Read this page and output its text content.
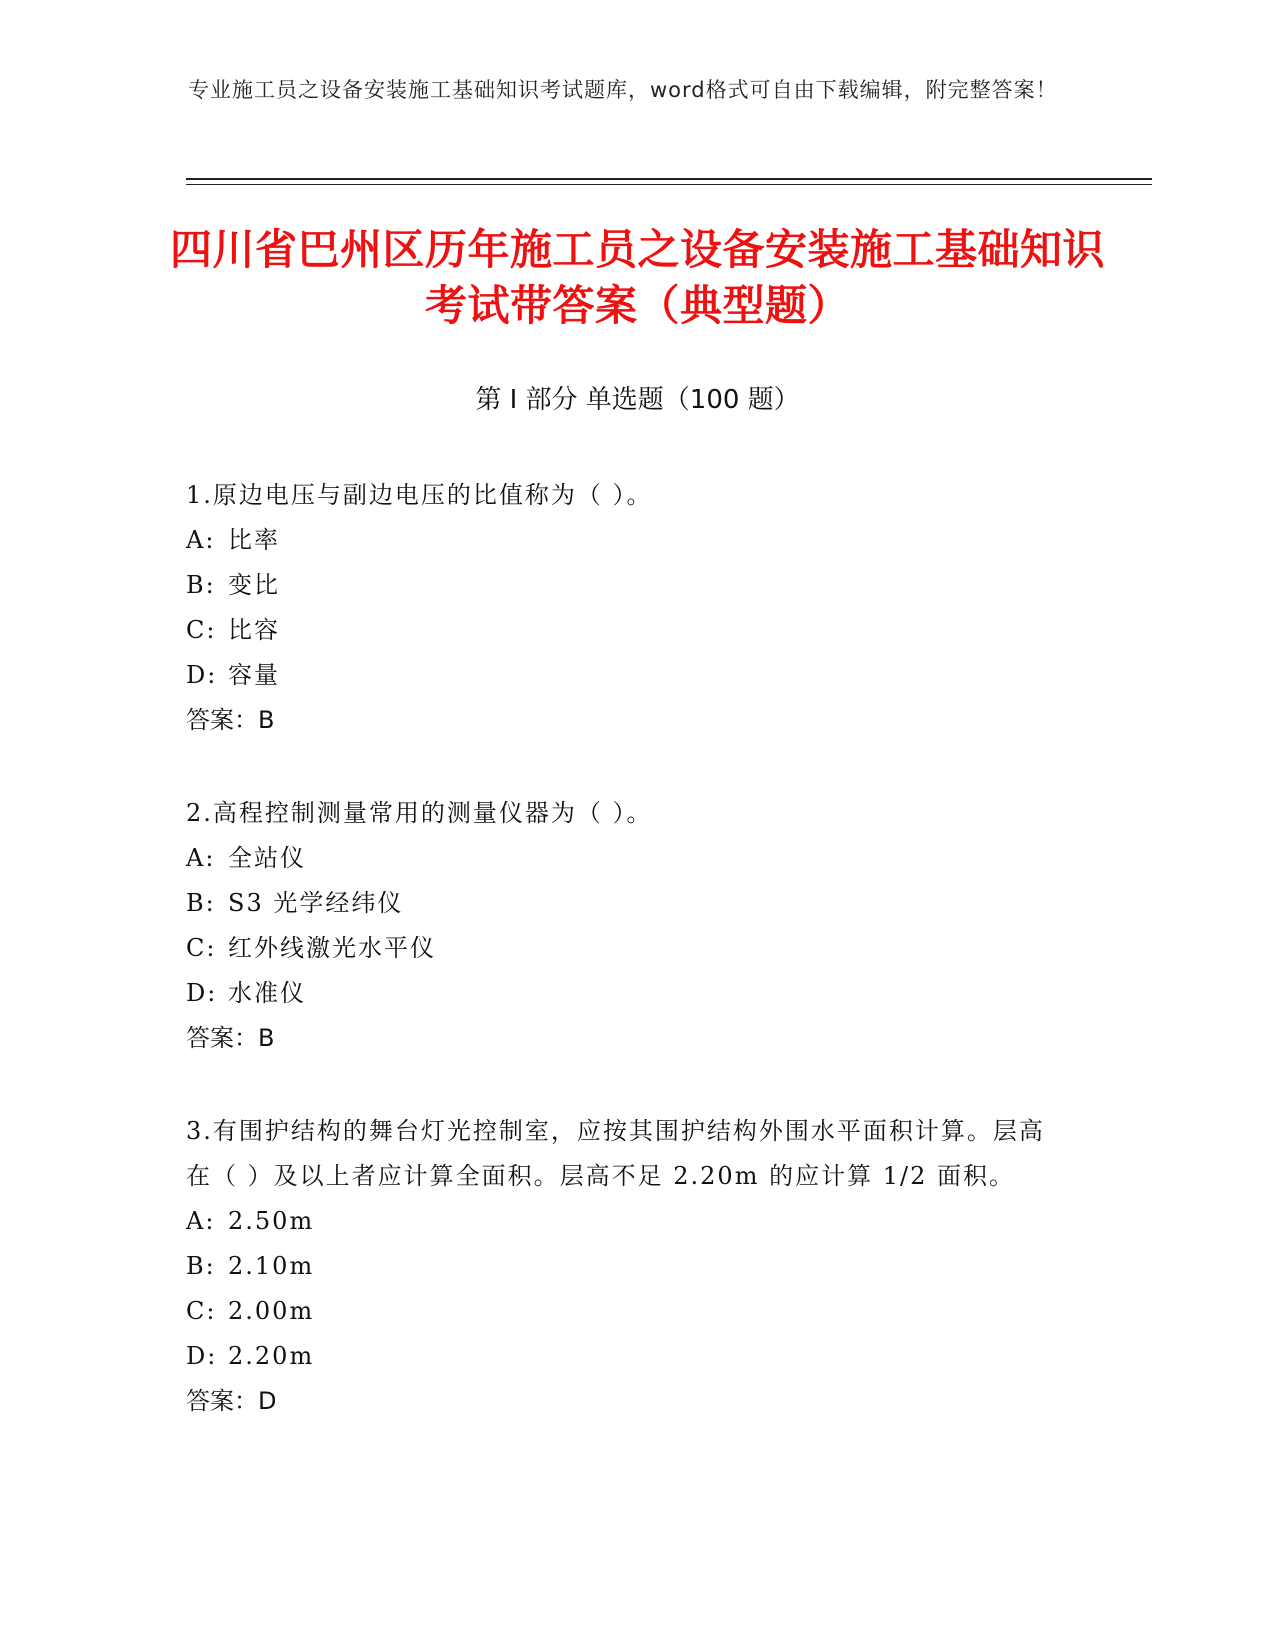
专业施工员之设备安装施工基础知识考试题库，word格式可自由下载编辑，附完整答案！
四川省巴州区历年施工员之设备安装施工基础知识考试带答案（典型题）
第 I 部分 单选题（100 题）
1.原边电压与副边电压的比值称为（ ）。
A: 比率
B: 变比
C: 比容
D: 容量
答案：B
2.高程控制测量常用的测量仪器为（ ）。
A: 全站仪
B: S3 光学经纬仪
C: 红外线激光水平仪
D: 水准仪
答案：B
3.有围护结构的舞台灯光控制室，应按其围护结构外围水平面积计算。层高在（ ）及以上者应计算全面积。层高不足 2.20m 的应计算 1/2 面积。
A: 2.50m
B: 2.10m
C: 2.00m
D: 2.20m
答案：D
